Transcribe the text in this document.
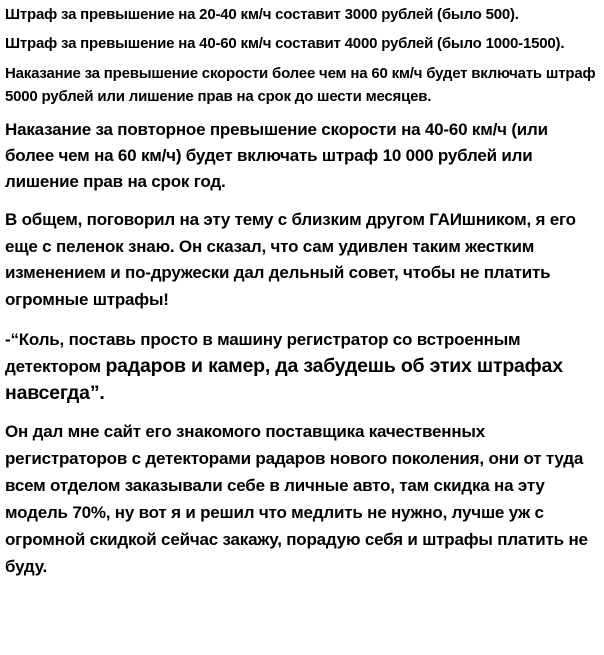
Штраф за превышение на 20-40 км/ч составит 3000 рублей (было 500).

Штраф за превышение на 40-60 км/ч составит 4000 рублей (было 1000-1500).

Наказание за превышение скорости более чем на 60 км/ч будет включать штраф 5000 рублей или лишение прав на срок до шести месяцев.

Наказание за повторное превышение скорости на 40-60 км/ч (или более чем на 60 км/ч) будет включать штраф 10 000 рублей или лишение прав на срок год.

В общем, поговорил на эту тему с близким другом ГАИшником, я его еще с пеленок знаю. Он сказал, что сам удивлен таким жестким изменением и по-дружески дал дельный совет, чтобы не платить огромные штрафы!

-“Коль, поставь просто в машину регистратор со встроенным детектором радаров и камер, да забудешь об этих штрафах навсегда”.

Он дал мне сайт его знакомого поставщика качественных регистраторов с детекторами радаров нового поколения, они от туда всем отделом заказывали себе в личные авто, там скидка на эту модель 70%, ну вот я и решил что медлить не нужно, лучше уж с огромной скидкой сейчас закажу, порадую себя и штрафы платить не буду.
